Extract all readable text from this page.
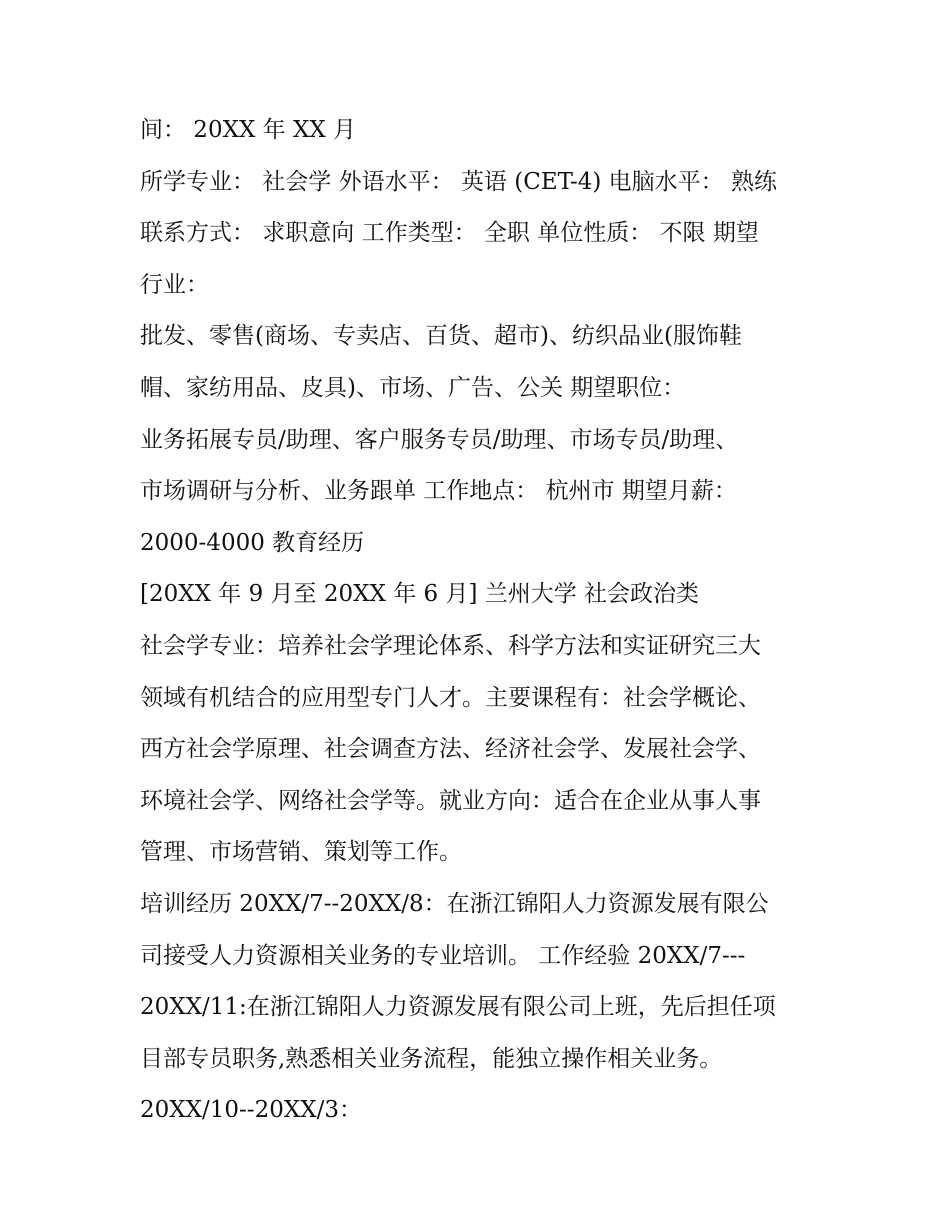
间： 20XX 年 XX 月
所学专业： 社会学 外语水平： 英语 (CET-4) 电脑水平： 熟练
联系方式： 求职意向 工作类型： 全职 单位性质： 不限 期望
行业：
批发、零售(商场、专卖店、百货、超市)、纺织品业(服饰鞋
帽、家纺用品、皮具)、市场、广告、公关 期望职位：
业务拓展专员/助理、客户服务专员/助理、市场专员/助理、
市场调研与分析、业务跟单 工作地点： 杭州市 期望月薪：
2000-4000 教育经历
[20XX 年 9 月至 20XX 年 6 月] 兰州大学 社会政治类
社会学专业：培养社会学理论体系、科学方法和实证研究三大
领域有机结合的应用型专门人才。主要课程有：社会学概论、
西方社会学原理、社会调查方法、经济社会学、发展社会学、
环境社会学、网络社会学等。就业方向：适合在企业从事人事
管理、市场营销、策划等工作。
培训经历 20XX/7--20XX/8：在浙江锦阳人力资源发展有限公
司接受人力资源相关业务的专业培训。 工作经验 20XX/7---
20XX/11:在浙江锦阳人力资源发展有限公司上班，先后担任项
目部专员职务,熟悉相关业务流程，能独立操作相关业务。
20XX/10--20XX/3：
